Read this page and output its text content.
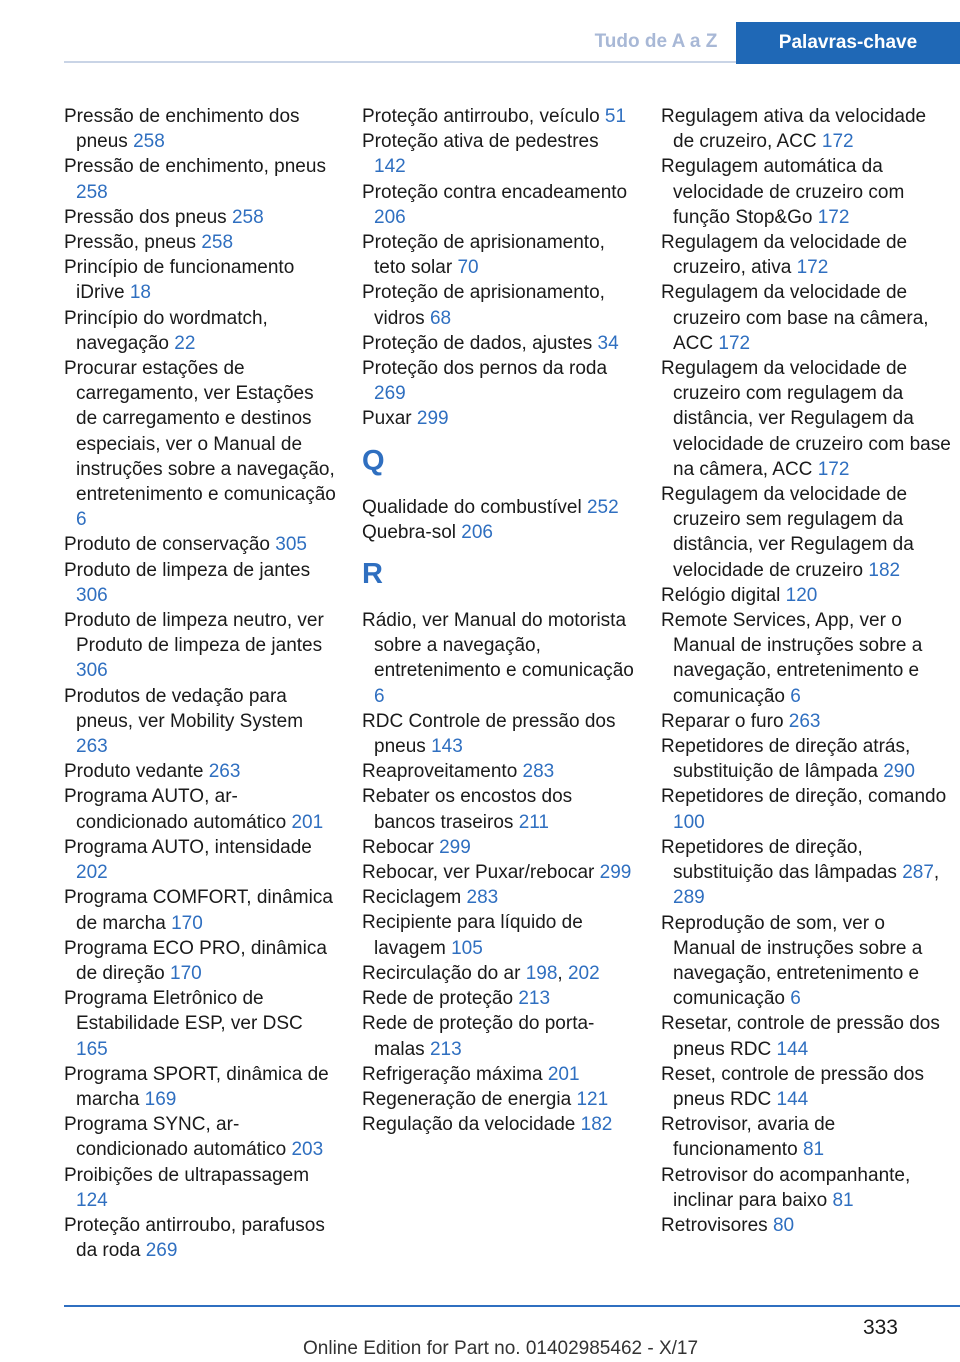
Tudo de A a Z	Palavras-chave
Pressão de enchimento dos pneus 258
Pressão de enchimento, pneus 258
Pressão dos pneus 258
Pressão, pneus 258
Princípio de funcionamento iDrive 18
Princípio do wordmatch, navegação 22
Procurar estações de carregamento, ver Estações de carregamento e destinos especiais, ver o Manual de instruções sobre a navegação, entretenimento e comunicação 6
Produto de conservação 305
Produto de limpeza de jantes 306
Produto de limpeza neutro, ver Produto de limpeza de jantes 306
Produtos de vedação para pneus, ver Mobility System 263
Produto vedante 263
Programa AUTO, ar-condicionado automático 201
Programa AUTO, intensidade 202
Programa COMFORT, dinâmica de marcha 170
Programa ECO PRO, dinâmica de direção 170
Programa Eletrônico de Estabilidade ESP, ver DSC 165
Programa SPORT, dinâmica de marcha 169
Programa SYNC, ar-condicionado automático 203
Proibições de ultrapassagem 124
Proteção antirroubo, parafusos da roda 269
Proteção antirroubo, veículo 51
Proteção ativa de pedestres 142
Proteção contra encadeamento 206
Proteção de aprisionamento, teto solar 70
Proteção de aprisionamento, vidros 68
Proteção de dados, ajustes 34
Proteção dos pernos da roda 269
Puxar 299
Q
Qualidade do combustível 252
Quebra-sol 206
R
Rádio, ver Manual do motorista sobre a navegação, entretenimento e comunicação 6
RDC Controle de pressão dos pneus 143
Reaproveitamento 283
Rebater os encostos dos bancos traseiros 211
Rebocar 299
Rebocar, ver Puxar/rebocar 299
Reciclagem 283
Recipiente para líquido de lavagem 105
Recirculação do ar 198, 202
Rede de proteção 213
Rede de proteção do porta-malas 213
Refrigeração máxima 201
Regeneração de energia 121
Regulação da velocidade 182
Regulagem ativa da velocidade de cruzeiro, ACC 172
Regulagem automática da velocidade de cruzeiro com função Stop&Go 172
Regulagem da velocidade de cruzeiro, ativa 172
Regulagem da velocidade de cruzeiro com base na câmera, ACC 172
Regulagem da velocidade de cruzeiro com regulagem da distância, ver Regulagem da velocidade de cruzeiro com base na câmera, ACC 172
Regulagem da velocidade de cruzeiro sem regulagem da distância, ver Regulagem da velocidade de cruzeiro 182
Relógio digital 120
Remote Services, App, ver o Manual de instruções sobre a navegação, entretenimento e comunicação 6
Reparar o furo 263
Repetidores de direção atrás, substituição de lâmpada 290
Repetidores de direção, comando 100
Repetidores de direção, substituição das lâmpadas 287, 289
Reprodução de som, ver o Manual de instruções sobre a navegação, entretenimento e comunicação 6
Resetar, controle de pressão dos pneus RDC 144
Reset, controle de pressão dos pneus RDC 144
Retrovisor, avaria de funcionamento 81
Retrovisor do acompanhante, inclinar para baixo 81
Retrovisores 80
333
Online Edition for Part no. 01402985462 - X/17
